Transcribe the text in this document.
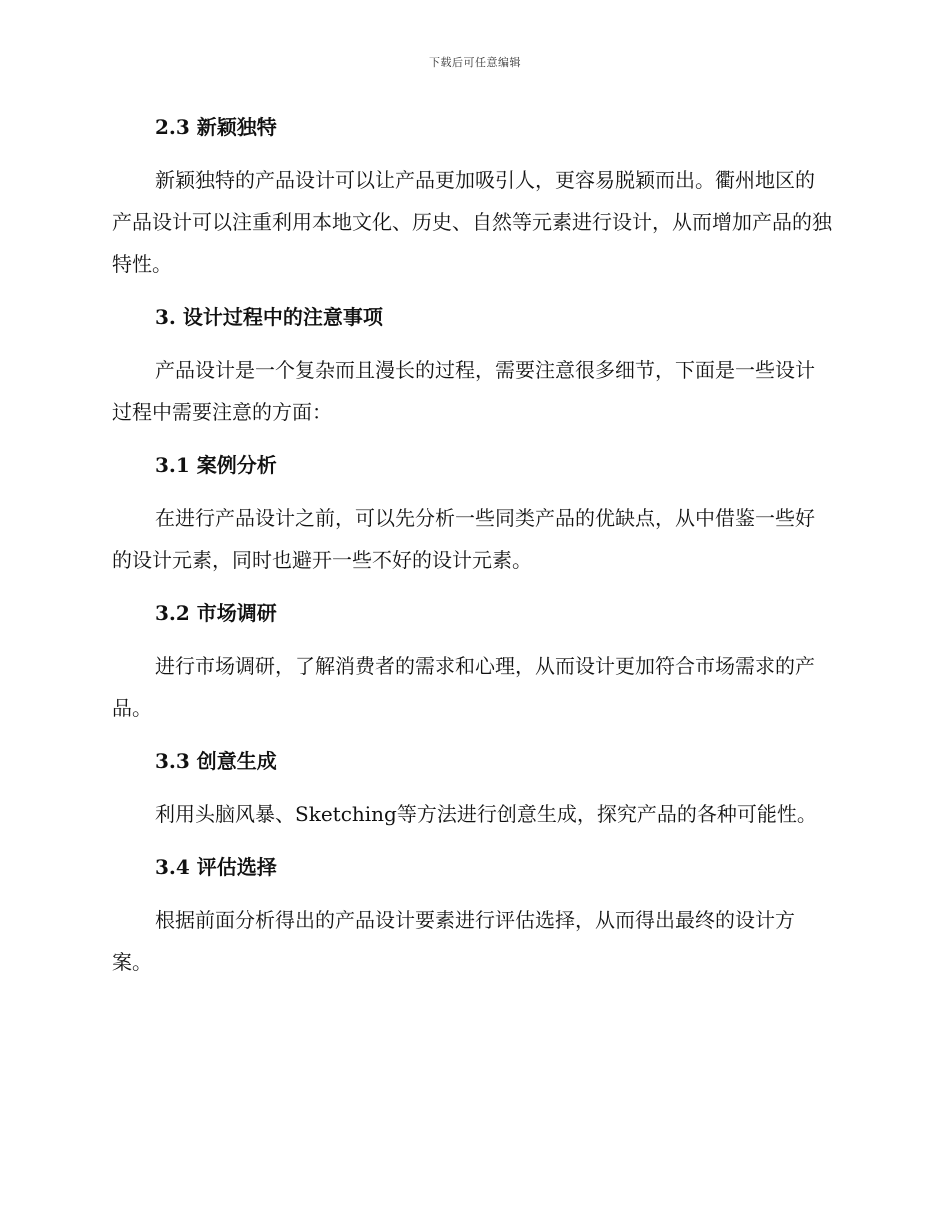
下载后可任意编辑
2.3 新颖独特

新颖独特的产品设计可以让产品更加吸引人，更容易脱颖而出。衢州地区的产品设计可以注重利用本地文化、历史、自然等元素进行设计，从而增加产品的独特性。

3. 设计过程中的注意事项

产品设计是一个复杂而且漫长的过程，需要注意很多细节，下面是一些设计过程中需要注意的方面：

3.1 案例分析

在进行产品设计之前，可以先分析一些同类产品的优缺点，从中借鉴一些好的设计元素，同时也避开一些不好的设计元素。

3.2 市场调研

进行市场调研，了解消费者的需求和心理，从而设计更加符合市场需求的产品。

3.3 创意生成

利用头脑风暴、Sketching等方法进行创意生成，探究产品的各种可能性。

3.4 评估选择

根据前面分析得出的产品设计要素进行评估选择，从而得出最终的设计方案。
